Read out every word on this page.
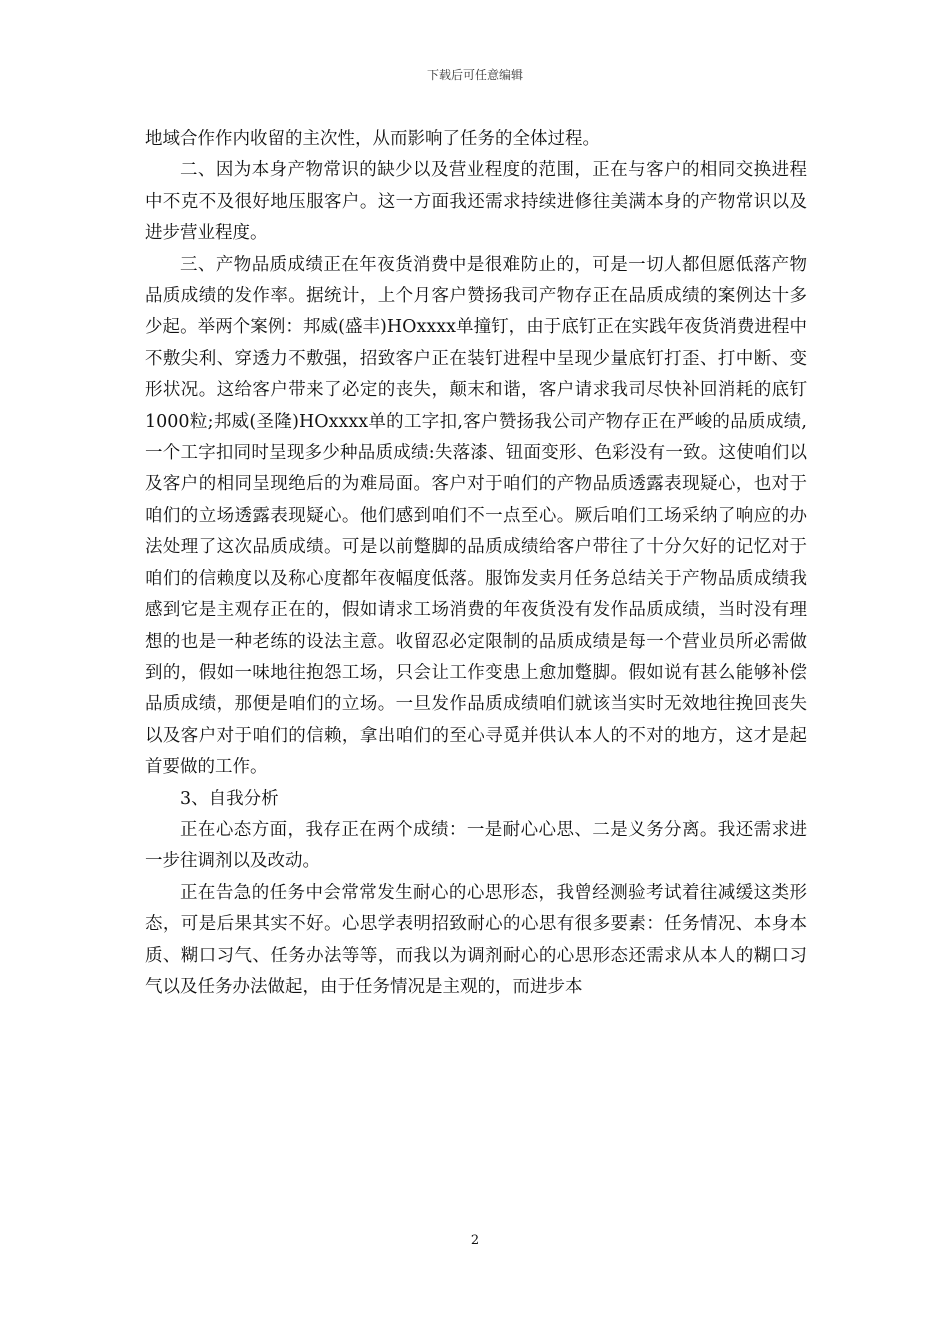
下载后可任意编辑

地域合作作内收留的主次性，从而影响了任务的全体过程。

二、因为本身产物常识的缺少以及营业程度的范围，正在与客户的相同交换进程中不克不及很好地压服客户。这一方面我还需求持续进修往美满本身的产物常识以及进步营业程度。

三、产物品质成绩正在年夜货消费中是很难防止的，可是一切人都但愿低落产物品质成绩的发作率。据统计，上个月客户赞扬我司产物存正在品质成绩的案例达十多少起。举两个案例：邦威(盛丰)HOxxxx单撞钉，由于底钉正在实践年夜货消费进程中不敷尖利、穿透力不敷强，招致客户正在装钉进程中呈现少量底钉打歪、打中断、变形状况。这给客户带来了必定的丧失，颠末和谐，客户请求我司尽快补回消耗的底钉1000粒;邦威(圣隆)HOxxxx单的工字扣,客户赞扬我公司产物存正在严峻的品质成绩,一个工字扣同时呈现多少种品质成绩:失落漆、钮面变形、色彩没有一致。这使咱们以及客户的相同呈现绝后的为难局面。客户对于咱们的产物品质透露表现疑心，也对于咱们的立场透露表现疑心。他们感到咱们不一点至心。厥后咱们工场采纳了响应的办法处理了这次品质成绩。可是以前蹩脚的品质成绩给客户带往了十分欠好的记忆对于咱们的信赖度以及称心度都年夜幅度低落。服饰发卖月任务总结关于产物品质成绩我感到它是主观存正在的，假如请求工场消费的年夜货没有发作品质成绩，当时没有理想的也是一种老练的设法主意。收留忍必定限制的品质成绩是每一个营业员所必需做到的，假如一味地往抱怨工场，只会让工作变患上愈加蹩脚。假如说有甚么能够补偿品质成绩，那便是咱们的立场。一旦发作品质成绩咱们就该当实时无效地往挽回丧失以及客户对于咱们的信赖，拿出咱们的至心寻觅并供认本人的不对的地方，这才是起首要做的工作。

3、自我分析

正在心态方面，我存正在两个成绩：一是耐心心思、二是义务分离。我还需求进一步往调剂以及改动。

正在告急的任务中会常常发生耐心的心思形态，我曾经测验考试着往减缓这类形态，可是后果其实不好。心思学表明招致耐心的心思有很多要素：任务情况、本身本质、糊口习气、任务办法等等，而我以为调剂耐心的心思形态还需求从本人的糊口习气以及任务办法做起，由于任务情况是主观的，而进步本

2
